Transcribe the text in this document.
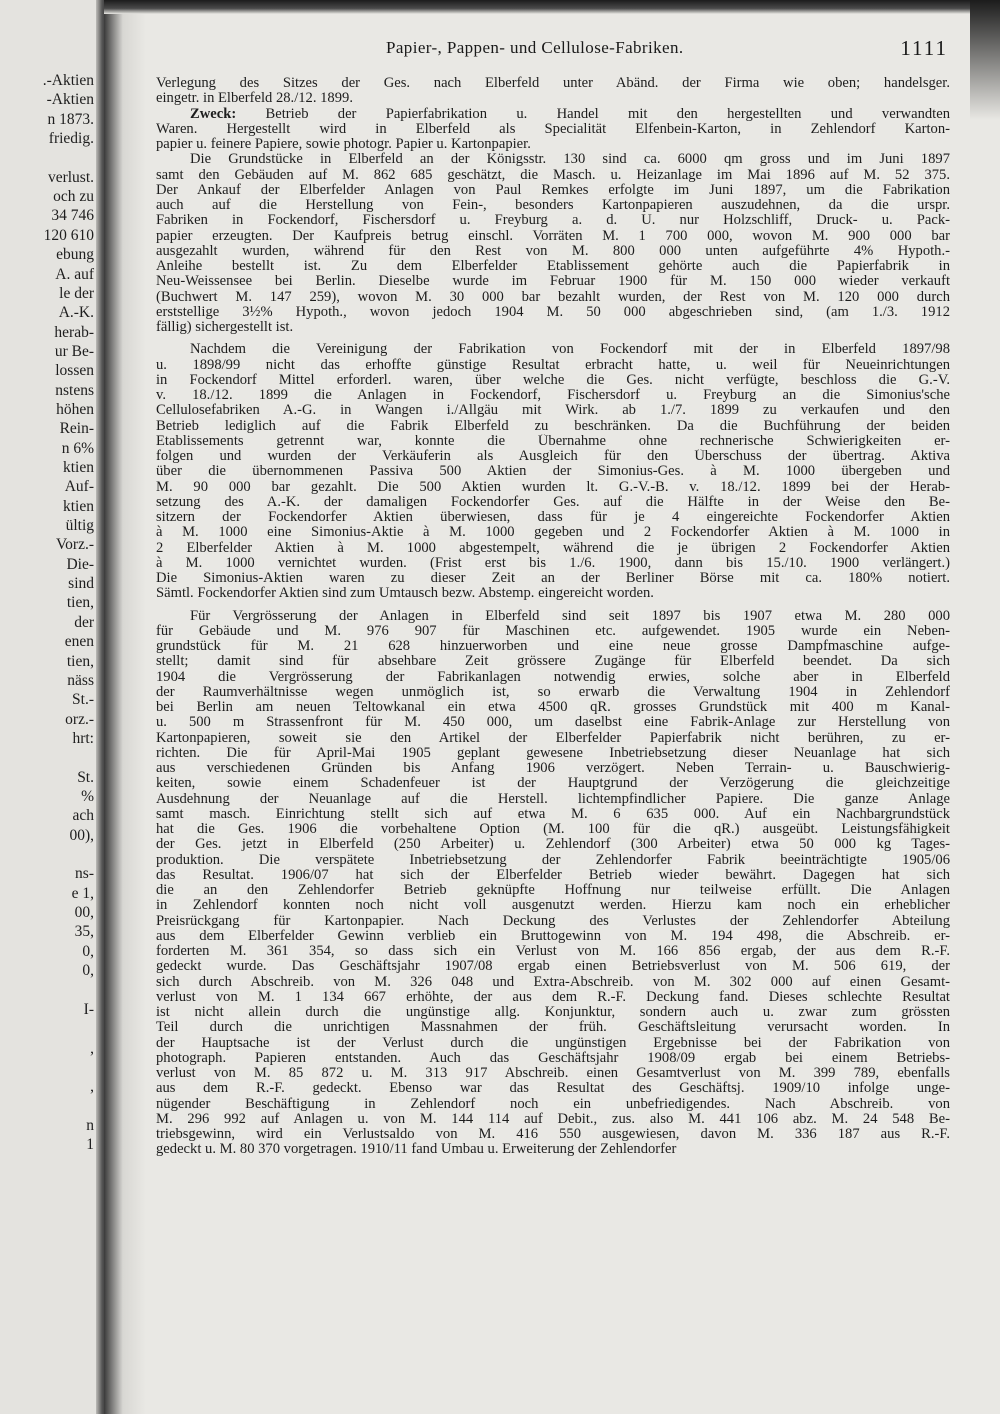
.-Aktien
-Aktien
n 1873.
friedig.
verlust.
och zu
34 746
120 610
ebung
A. auf
le der
A.-K.
herab-
ur Be-
lossen
nstens
höhen
Rein-
n 6%
ktien
Auf-
ktien
ültig
Vorz.-
Die-
sind
tien,
der
enen
tien,
näss
St.-
orz.-
hrt:
St.
%
ach
00),
ns-
e 1,
00,
35,
0,
0,
I-
,
,
n
1
Papier-, Pappen- und Cellulose-Fabriken.	1111
Verlegung des Sitzes der Ges. nach Elberfeld unter Abänd. der Firma wie oben; handelsger.
eingetr. in Elberfeld 28./12. 1899.
Zweck: Betrieb der Papierfabrikation u. Handel mit den hergestellten und verwandten
Waren. Hergestellt wird in Elberfeld als Specialität Elfenbein-Karton, in Zehlendorf Karton-
papier u. feinere Papiere, sowie photogr. Papier u. Kartonpapier.
Die Grundstücke in Elberfeld an der Königsstr. 130 sind ca. 6000 qm gross und im Juni 1897
samt den Gebäuden auf M. 862 685 geschätzt, die Masch. u. Heizanlage im Mai 1896 auf M. 52 375.
Der Ankauf der Elberfelder Anlagen von Paul Remkes erfolgte im Juni 1897, um die Fabrikation
auch auf die Herstellung von Fein-, besonders Kartonpapieren auszudehnen, da die urspr.
Fabriken in Fockendorf, Fischersdorf u. Freyburg a. d. U. nur Holzschliff, Druck- u. Pack-
papier erzeugten. Der Kaufpreis betrug einschl. Vorräten M. 1 700 000, wovon M. 900 000 bar
ausgezahlt wurden, während für den Rest von M. 800 000 unten aufgeführte 4% Hypoth.-
Anleihe bestellt ist. Zu dem Elberfelder Etablissement gehörte auch die Papierfabrik in
Neu-Weissensee bei Berlin. Dieselbe wurde im Februar 1900 für M. 150 000 wieder verkauft
(Buchwert M. 147 259), wovon M. 30 000 bar bezahlt wurden, der Rest von M. 120 000 durch
erststellige 3½% Hypoth., wovon jedoch 1904 M. 50 000 abgeschrieben sind, (am 1./3. 1912
fällig) sichergestellt ist.
Nachdem die Vereinigung der Fabrikation von Fockendorf mit der in Elberfeld 1897/98
u. 1898/99 nicht das erhoffte günstige Resultat erbracht hatte, u. weil für Neueinrichtungen
in Fockendorf Mittel erforderl. waren, über welche die Ges. nicht verfügte, beschloss die G.-V.
v. 18./12. 1899 die Anlagen in Fockendorf, Fischersdorf u. Freyburg an die Simonius'sche
Cellulosefabriken A.-G. in Wangen i./Allgäu mit Wirk. ab 1./7. 1899 zu verkaufen und den
Betrieb lediglich auf die Fabrik Elberfeld zu beschränken. Da die Buchführung der beiden
Etablissements getrennt war, konnte die Übernahme ohne rechnerische Schwierigkeiten er-
folgen und wurden der Verkäuferin als Ausgleich für den Überschuss der übertrag. Aktiva
über die übernommenen Passiva 500 Aktien der Simonius-Ges. à M. 1000 übergeben und
M. 90 000 bar gezahlt. Die 500 Aktien wurden lt. G.-V.-B. v. 18./12. 1899 bei der Herab-
setzung des A.-K. der damaligen Fockendorfer Ges. auf die Hälfte in der Weise den Be-
sitzern der Fockendorfer Aktien überwiesen, dass für je 4 eingereichte Fockendorfer Aktien
à M. 1000 eine Simonius-Aktie à M. 1000 gegeben und 2 Fockendorfer Aktien à M. 1000 in
2 Elberfelder Aktien à M. 1000 abgestempelt, während die je übrigen 2 Fockendorfer Aktien
à M. 1000 vernichtet wurden. (Frist erst bis 1./6. 1900, dann bis 15./10. 1900 verlängert.)
Die Simonius-Aktien waren zu dieser Zeit an der Berliner Börse mit ca. 180% notiert.
Sämtl. Fockendorfer Aktien sind zum Umtausch bezw. Abstemp. eingereicht worden.
Für Vergrösserung der Anlagen in Elberfeld sind seit 1897 bis 1907 etwa M. 280 000
für Gebäude und M. 976 907 für Maschinen etc. aufgewendet. 1905 wurde ein Neben-
grundstück für M. 21 628 hinzuerworben und eine neue grosse Dampfmaschine aufge-
stellt; damit sind für absehbare Zeit grössere Zugänge für Elberfeld beendet. Da sich
1904 die Vergrösserung der Fabrikanlagen notwendig erwies, solche aber in Elberfeld
der Raumverhältnisse wegen unmöglich ist, so erwarb die Verwaltung 1904 in Zehlendorf
bei Berlin am neuen Teltowkanal ein etwa 4500 qR. grosses Grundstück mit 400 m Kanal-
u. 500 m Strassenfront für M. 450 000, um daselbst eine Fabrik-Anlage zur Herstellung von
Kartonpapieren, soweit sie den Artikel der Elberfelder Papierfabrik nicht berühren, zu er-
richten. Die für April-Mai 1905 geplant gewesene Inbetriebsetzung dieser Neuanlage hat sich
aus verschiedenen Gründen bis Anfang 1906 verzögert. Neben Terrain- u. Bauschwierig-
keiten, sowie einem Schadenfeuer ist der Hauptgrund der Verzögerung die gleichzeitige
Ausdehnung der Neuanlage auf die Herstell. lichtempfindlicher Papiere. Die ganze Anlage
samt masch. Einrichtung stellt sich auf etwa M. 6 635 000. Auf ein Nachbargrundstück
hat die Ges. 1906 die vorbehaltene Option (M. 100 für die qR.) ausgeübt. Leistungsfähigkeit
der Ges. jetzt in Elberfeld (250 Arbeiter) u. Zehlendorf (300 Arbeiter) etwa 50 000 kg Tages-
produktion. Die verspätete Inbetriebsetzung der Zehlendorfer Fabrik beeinträchtigte 1905/06
das Resultat. 1906/07 hat sich der Elberfelder Betrieb wieder bewährt. Dagegen hat sich
die an den Zehlendorfer Betrieb geknüpfte Hoffnung nur teilweise erfüllt. Die Anlagen
in Zehlendorf konnten noch nicht voll ausgenutzt werden. Hierzu kam noch ein erheblicher
Preisrückgang für Kartonpapier. Nach Deckung des Verlustes der Zehlendorfer Abteilung
aus dem Elberfelder Gewinn verblieb ein Bruttogewinn von M. 194 498, die Abschreib. er-
forderten M. 361 354, so dass sich ein Verlust von M. 166 856 ergab, der aus dem R.-F.
gedeckt wurde. Das Geschäftsjahr 1907/08 ergab einen Betriebsverlust von M. 506 619, der
sich durch Abschreib. von M. 326 048 und Extra-Abschreib. von M. 302 000 auf einen Gesamt-
verlust von M. 1 134 667 erhöhte, der aus dem R.-F. Deckung fand. Dieses schlechte Resultat
ist nicht allein durch die ungünstige allg. Konjunktur, sondern auch u. zwar zum grössten
Teil durch die unrichtigen Massnahmen der früh. Geschäftsleitung verursacht worden. In
der Hauptsache ist der Verlust durch die ungünstigen Ergebnisse bei der Fabrikation von
photograph. Papieren entstanden. Auch das Geschäftsjahr 1908/09 ergab bei einem Betriebs-
verlust von M. 85 872 u. M. 313 917 Abschreib. einen Gesamtverlust von M. 399 789, ebenfalls
aus dem R.-F. gedeckt. Ebenso war das Resultat des Geschäftsj. 1909/10 infolge unge-
nügender Beschäftigung in Zehlendorf noch ein unbefriedigendes. Nach Abschreib. von
M. 296 992 auf Anlagen u. von M. 144 114 auf Debit., zus. also M. 441 106 abz. M. 24 548 Be-
triebsgewinn, wird ein Verlustsaldo von M. 416 550 ausgewiesen, davon M. 336 187 aus R.-F.
gedeckt u. M. 80 370 vorgetragen. 1910/11 fand Umbau u. Erweiterung der Zehlendorfer
